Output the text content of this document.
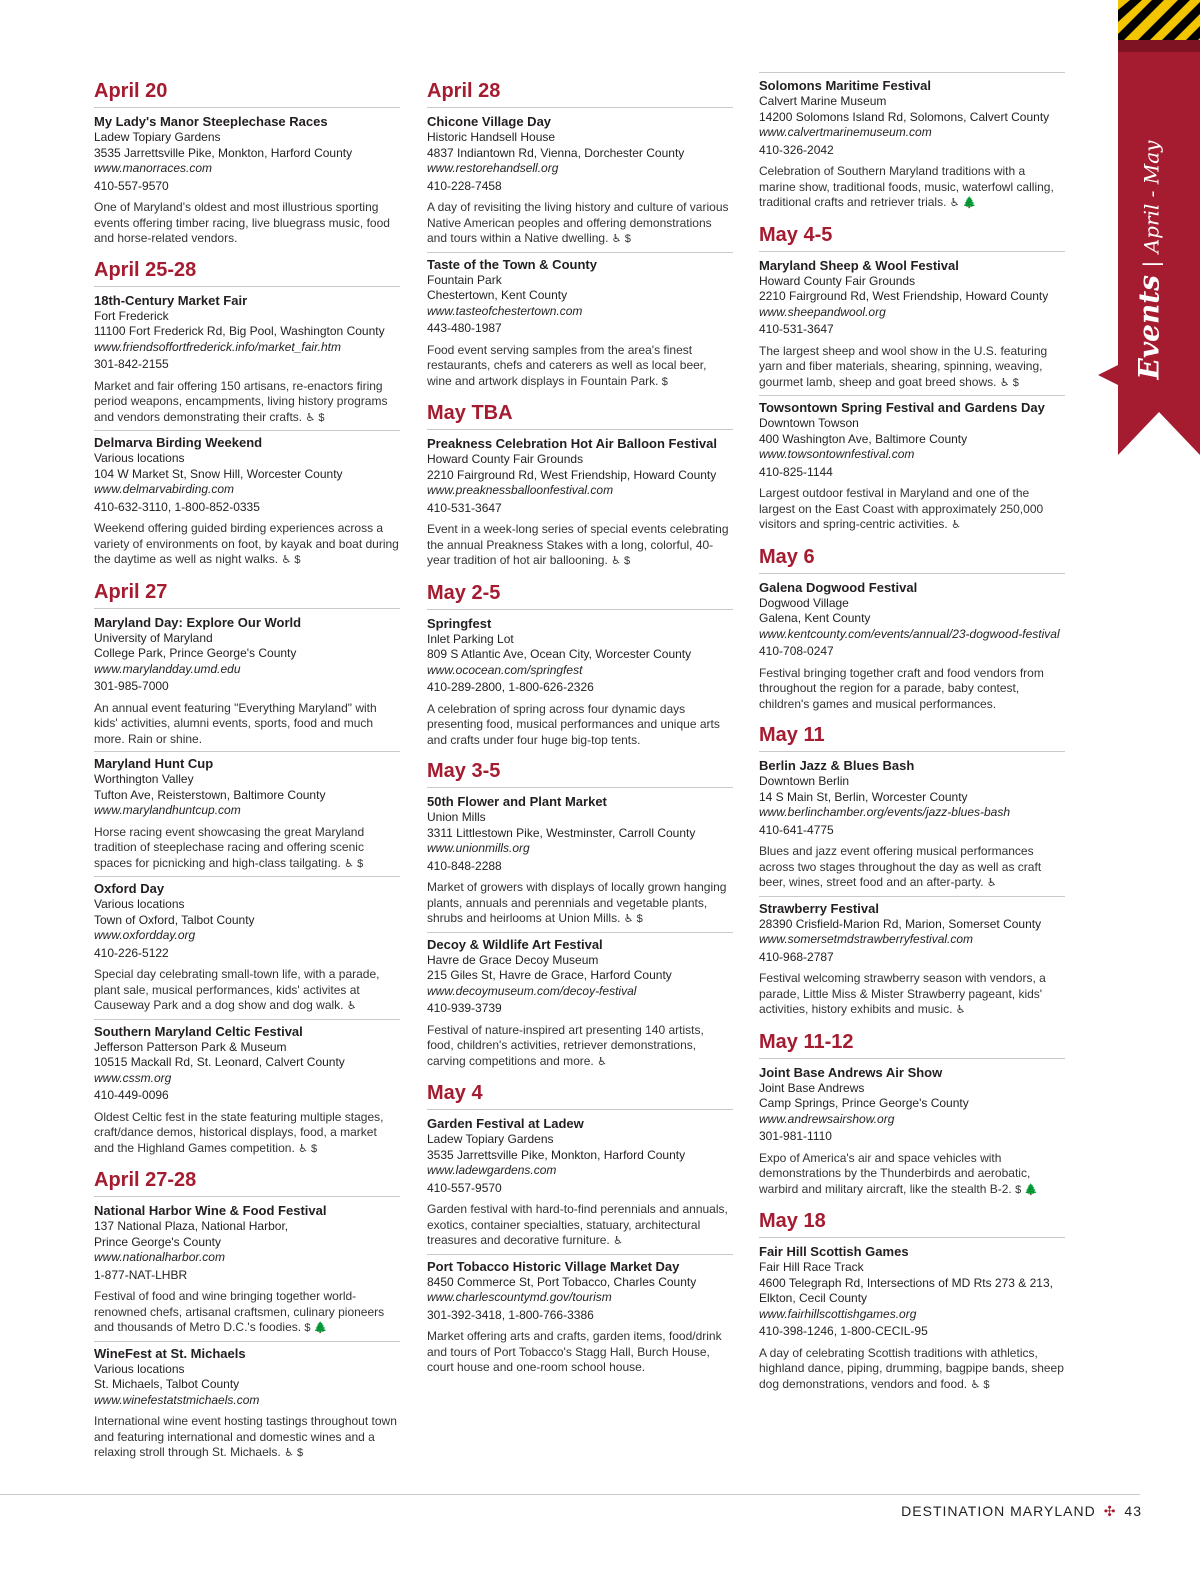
Events|April - May
April 20
My Lady's Manor Steeplechase Races
Ladew Topiary Gardens
3535 Jarrettsville Pike, Monkton, Harford County
www.manorraces.com
410-557-9570
One of Maryland's oldest and most illustrious sporting events offering timber racing, live bluegrass music, food and horse-related vendors.
April 25-28
18th-Century Market Fair
Fort Frederick
11100 Fort Frederick Rd, Big Pool, Washington County
www.friendsoffortfrederick.info/market_fair.htm
301-842-2155
Market and fair offering 150 artisans, re-enactors firing period weapons, encampments, living history programs and vendors demonstrating their crafts. ♿ $
Delmarva Birding Weekend
Various locations
104 W Market St, Snow Hill, Worcester County
www.delmarvabirding.com
410-632-3110, 1-800-852-0335
Weekend offering guided birding experiences across a variety of environments on foot, by kayak and boat during the daytime as well as night walks. ♿ $
April 27
Maryland Day: Explore Our World
University of Maryland
College Park, Prince George's County
www.marylandday.umd.edu
301-985-7000
An annual event featuring "Everything Maryland" with kids' activities, alumni events, sports, food and much more. Rain or shine.
Maryland Hunt Cup
Worthington Valley
Tufton Ave, Reisterstown, Baltimore County
www.marylandhuntcup.com
Horse racing event showcasing the great Maryland tradition of steeplechase racing and offering scenic spaces for picnicking and high-class tailgating. ♿ $
Oxford Day
Various locations
Town of Oxford, Talbot County
www.oxfordday.org
410-226-5122
Special day celebrating small-town life, with a parade, plant sale, musical performances, kids' activites at Causeway Park and a dog show and dog walk. ♿
Southern Maryland Celtic Festival
Jefferson Patterson Park & Museum
10515 Mackall Rd, St. Leonard, Calvert County
www.cssm.org
410-449-0096
Oldest Celtic fest in the state featuring multiple stages, craft/dance demos, historical displays, food, a market and the Highland Games competition. ♿ $
April 27-28
National Harbor Wine & Food Festival
137 National Plaza, National Harbor,
Prince George's County
www.nationalharbor.com
1-877-NAT-LHBR
Festival of food and wine bringing together world-renowned chefs, artisanal craftsmen, culinary pioneers and thousands of Metro D.C.'s foodies. $ 🌲
WineFest at St. Michaels
Various locations
St. Michaels, Talbot County
www.winefestatstmichaels.com
International wine event hosting tastings throughout town and featuring international and domestic wines and a relaxing stroll through St. Michaels. ♿ $
April 28
Chicone Village Day
Historic Handsell House
4837 Indiantown Rd, Vienna, Dorchester County
www.restorehandsell.org
410-228-7458
A day of revisiting the living history and culture of various Native American peoples and offering demonstrations and tours within a Native dwelling. ♿ $
Taste of the Town & County
Fountain Park
Chestertown, Kent County
www.tasteofchestertown.com
443-480-1987
Food event serving samples from the area's finest restaurants, chefs and caterers as well as local beer, wine and artwork displays in Fountain Park. $
May TBA
Preakness Celebration Hot Air Balloon Festival
Howard County Fair Grounds
2210 Fairground Rd, West Friendship, Howard County
www.preaknessballoonfestival.com
410-531-3647
Event in a week-long series of special events celebrating the annual Preakness Stakes with a long, colorful, 40-year tradition of hot air ballooning. ♿ $
May 2-5
Springfest
Inlet Parking Lot
809 S Atlantic Ave, Ocean City, Worcester County
www.ococean.com/springfest
410-289-2800, 1-800-626-2326
A celebration of spring across four dynamic days presenting food, musical performances and unique arts and crafts under four huge big-top tents.
May 3-5
50th Flower and Plant Market
Union Mills
3311 Littlestown Pike, Westminster, Carroll County
www.unionmills.org
410-848-2288
Market of growers with displays of locally grown hanging plants, annuals and perennials and vegetable plants, shrubs and heirlooms at Union Mills. ♿ $
Decoy & Wildlife Art Festival
Havre de Grace Decoy Museum
215 Giles St, Havre de Grace, Harford County
www.decoymuseum.com/decoy-festival
410-939-3739
Festival of nature-inspired art presenting 140 artists, food, children's activities, retriever demonstrations, carving competitions and more. ♿
May 4
Garden Festival at Ladew
Ladew Topiary Gardens
3535 Jarrettsville Pike, Monkton, Harford County
www.ladewgardens.com
410-557-9570
Garden festival with hard-to-find perennials and annuals, exotics, container specialties, statuary, architectural treasures and decorative furniture. ♿
Port Tobacco Historic Village Market Day
8450 Commerce St, Port Tobacco, Charles County
www.charlescountymd.gov/tourism
301-392-3418, 1-800-766-3386
Market offering arts and crafts, garden items, food/drink and tours of Port Tobacco's Stagg Hall, Burch House, court house and one-room school house.
Solomons Maritime Festival
Calvert Marine Museum
14200 Solomons Island Rd, Solomons, Calvert County
www.calvertmarinemuseum.com
410-326-2042
Celebration of Southern Maryland traditions with a marine show, traditional foods, music, waterfowl calling, traditional crafts and retriever trials. ♿ 🌲
May 4-5
Maryland Sheep & Wool Festival
Howard County Fair Grounds
2210 Fairground Rd, West Friendship, Howard County
www.sheepandwool.org
410-531-3647
The largest sheep and wool show in the U.S. featuring yarn and fiber materials, shearing, spinning, weaving, gourmet lamb, sheep and goat breed shows. ♿ $
Towsontown Spring Festival and Gardens Day
Downtown Towson
400 Washington Ave, Baltimore County
www.towsontownfestival.com
410-825-1144
Largest outdoor festival in Maryland and one of the largest on the East Coast with approximately 250,000 visitors and spring-centric activities. ♿
May 6
Galena Dogwood Festival
Dogwood Village
Galena, Kent County
www.kentcounty.com/events/annual/23-dogwood-festival
410-708-0247
Festival bringing together craft and food vendors from throughout the region for a parade, baby contest, children's games and musical performances.
May 11
Berlin Jazz & Blues Bash
Downtown Berlin
14 S Main St, Berlin, Worcester County
www.berlinchamber.org/events/jazz-blues-bash
410-641-4775
Blues and jazz event offering musical performances across two stages throughout the day as well as craft beer, wines, street food and an after-party. ♿
Strawberry Festival
28390 Crisfield-Marion Rd, Marion, Somerset County
www.somersetmdstrawberryfestival.com
410-968-2787
Festival welcoming strawberry season with vendors, a parade, Little Miss & Mister Strawberry pageant, kids' activities, history exhibits and music. ♿
May 11-12
Joint Base Andrews Air Show
Joint Base Andrews
Camp Springs, Prince George's County
www.andrewsairshow.org
301-981-1110
Expo of America's air and space vehicles with demonstrations by the Thunderbirds and aerobatic, warbird and military aircraft, like the stealth B-2. $ 🌲
May 18
Fair Hill Scottish Games
Fair Hill Race Track
4600 Telegraph Rd, Intersections of MD Rts 273 & 213,
Elkton, Cecil County
www.fairhillscottishgames.org
410-398-1246, 1-800-CECIL-95
A day of celebrating Scottish traditions with athletics, highland dance, piping, drumming, bagpipe bands, sheep dog demonstrations, vendors and food. ♿ $
DESTINATION MARYLAND ✣ 43
